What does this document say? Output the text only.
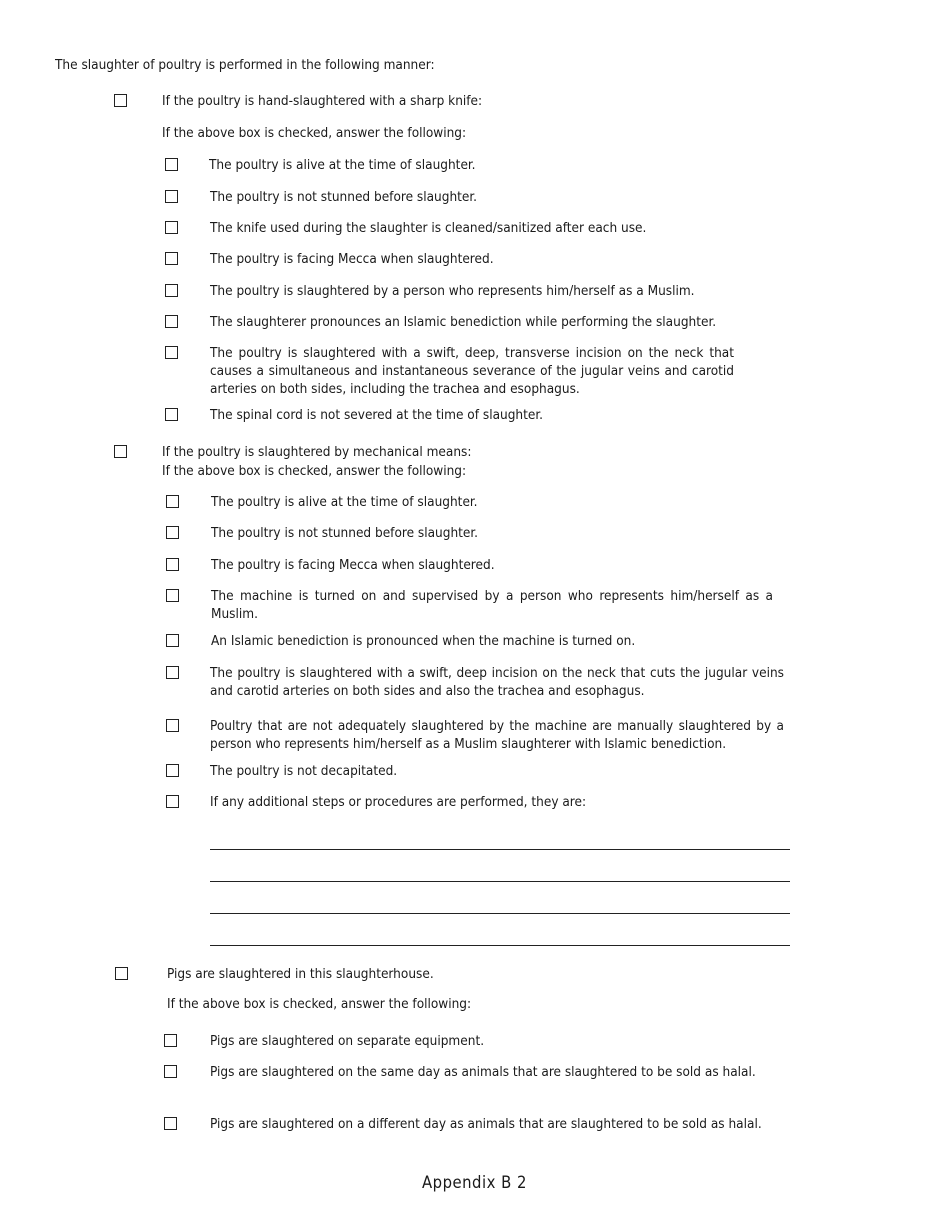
The slaughter of poultry is performed in the following manner:
If the poultry is hand-slaughtered with a sharp knife:
If the above box is checked, answer the following:
The poultry is alive at the time of slaughter.
The poultry is not stunned before slaughter.
The knife used during the slaughter is cleaned/sanitized after each use.
The poultry is facing Mecca when slaughtered.
The poultry is slaughtered by a person who represents him/herself as a Muslim.
The slaughterer pronounces an Islamic benediction while performing the slaughter.
The poultry is slaughtered with a swift, deep, transverse incision on the neck that causes a simultaneous and instantaneous severance of the jugular veins and carotid arteries on both sides, including the trachea and esophagus.
The spinal cord is not severed at the time of slaughter.
If the poultry is slaughtered by mechanical means:
If the above box is checked, answer the following:
The poultry is alive at the time of slaughter.
The poultry is not stunned before slaughter.
The poultry is facing Mecca when slaughtered.
The machine is turned on and supervised by a person who represents him/herself as a Muslim.
An Islamic benediction is pronounced when the machine is turned on.
The poultry is slaughtered with a swift, deep incision on the neck that cuts the jugular veins and carotid arteries on both sides and also the trachea and esophagus.
Poultry that are not adequately slaughtered by the machine are manually slaughtered by a person who represents him/herself as a Muslim slaughterer with Islamic benediction.
The poultry is not decapitated.
If any additional steps or procedures are performed, they are:
Pigs are slaughtered in this slaughterhouse.
If the above box is checked, answer the following:
Pigs are slaughtered on separate equipment.
Pigs are slaughtered on the same day as animals that are slaughtered to be sold as halal.
Pigs are slaughtered on a different day as animals that are slaughtered to be sold as halal.
Appendix B 2
